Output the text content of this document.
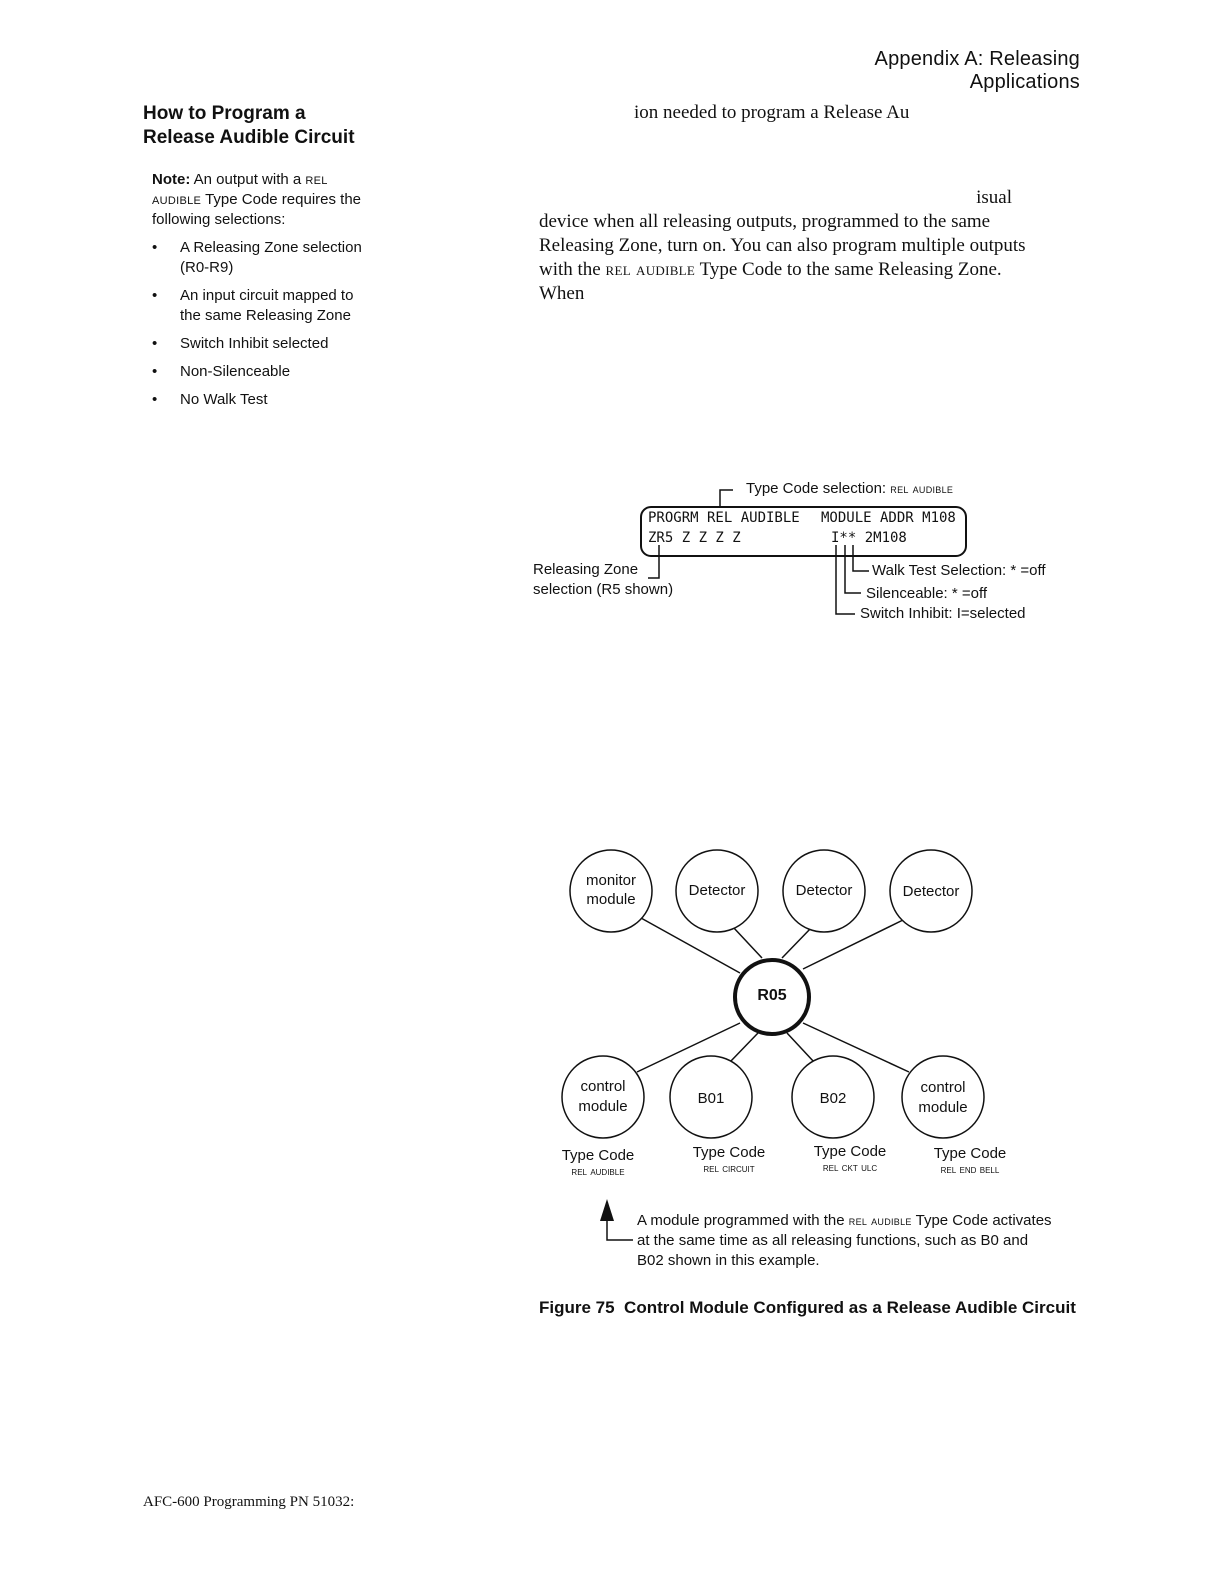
Appendix A: Releasing Applications
How to Program a
Release Audible Circuit
Note: An output with a rel audible Type Code requires the following selections:
• A Releasing Zone selection (R0-R9)
• An input circuit mapped to the same Releasing Zone
• Switch Inhibit selected
• Non-Silenceable
• No Walk Test
ion needed to program a Release Au
isual
device when all releasing outputs, programmed to the same
Releasing Zone, turn on. You can also program multiple outputs
with the rel audible Type Code to the same Releasing Zone.
When
Type Code selection: rel audible
PROGRM REL AUDIBLE MODULE ADDR M108
ZR5 Z Z Z Z	I** 2M108
Releasing Zone
selection (R5 shown)
Walk Test Selection: * =off
Silenceable: * =off
Switch Inhibit: I=selected
monitor
module
Detector	Detector	Detector
R05
control
module	B01	B02
control
module
Type Code
rel audible
Type Code
rel circuit
Type Code
rel ckt ulc
Type Code
rel end bell
A module programmed with the rel audible Type Code activates at the same time as all releasing functions, such as B0 and B02 shown in this example.
Figure 75 Control Module Configured as a Release Audible Circuit
AFC-600 Programming PN 51032:
